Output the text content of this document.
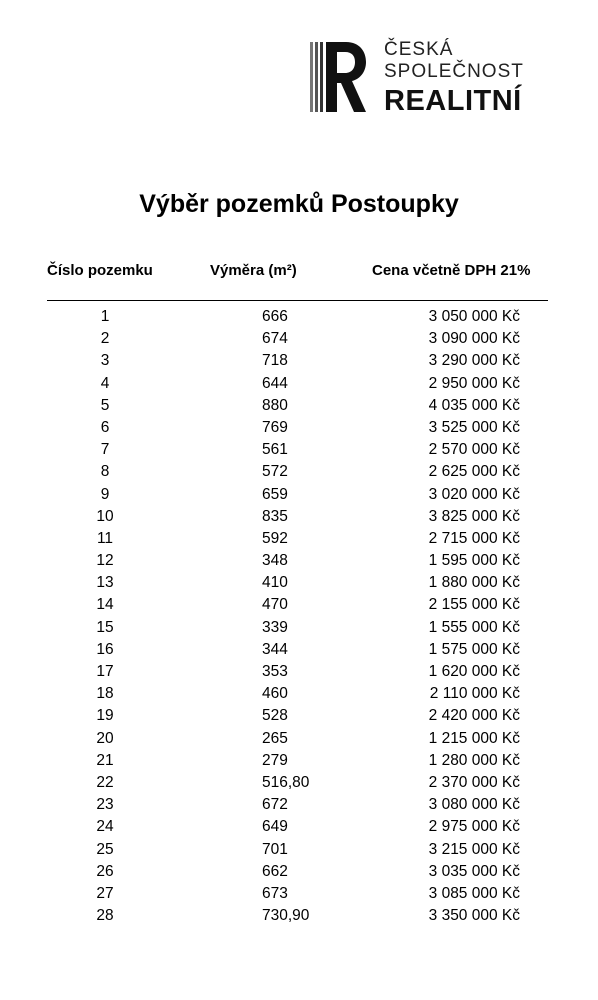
ČESKÁ
SPOLEČNOST
REALITNÍ
Výběr pozemků Postoupky
Číslo pozemku	Výměra (m²)	Cena včetně DPH 21%
1	666	3 050 000 Kč
2	674	3 090 000 Kč
3	718	3 290 000 Kč
4	644	2 950 000 Kč
5	880	4 035 000 Kč
6	769	3 525 000 Kč
7	561	2 570 000 Kč
8	572	2 625 000 Kč
9	659	3 020 000 Kč
10	835	3 825 000 Kč
11	592	2 715 000 Kč
12	348	1 595 000 Kč
13	410	1 880 000 Kč
14	470	2 155 000 Kč
15	339	1 555 000 Kč
16	344	1 575 000 Kč
17	353	1 620 000 Kč
18	460	2 110 000 Kč
19	528	2 420 000 Kč
20	265	1 215 000 Kč
21	279	1 280 000 Kč
22	516,80	2 370 000 Kč
23	672	3 080 000 Kč
24	649	2 975 000 Kč
25	701	3 215 000 Kč
26	662	3 035 000 Kč
27	673	3 085 000 Kč
28	730,90	3 350 000 Kč
